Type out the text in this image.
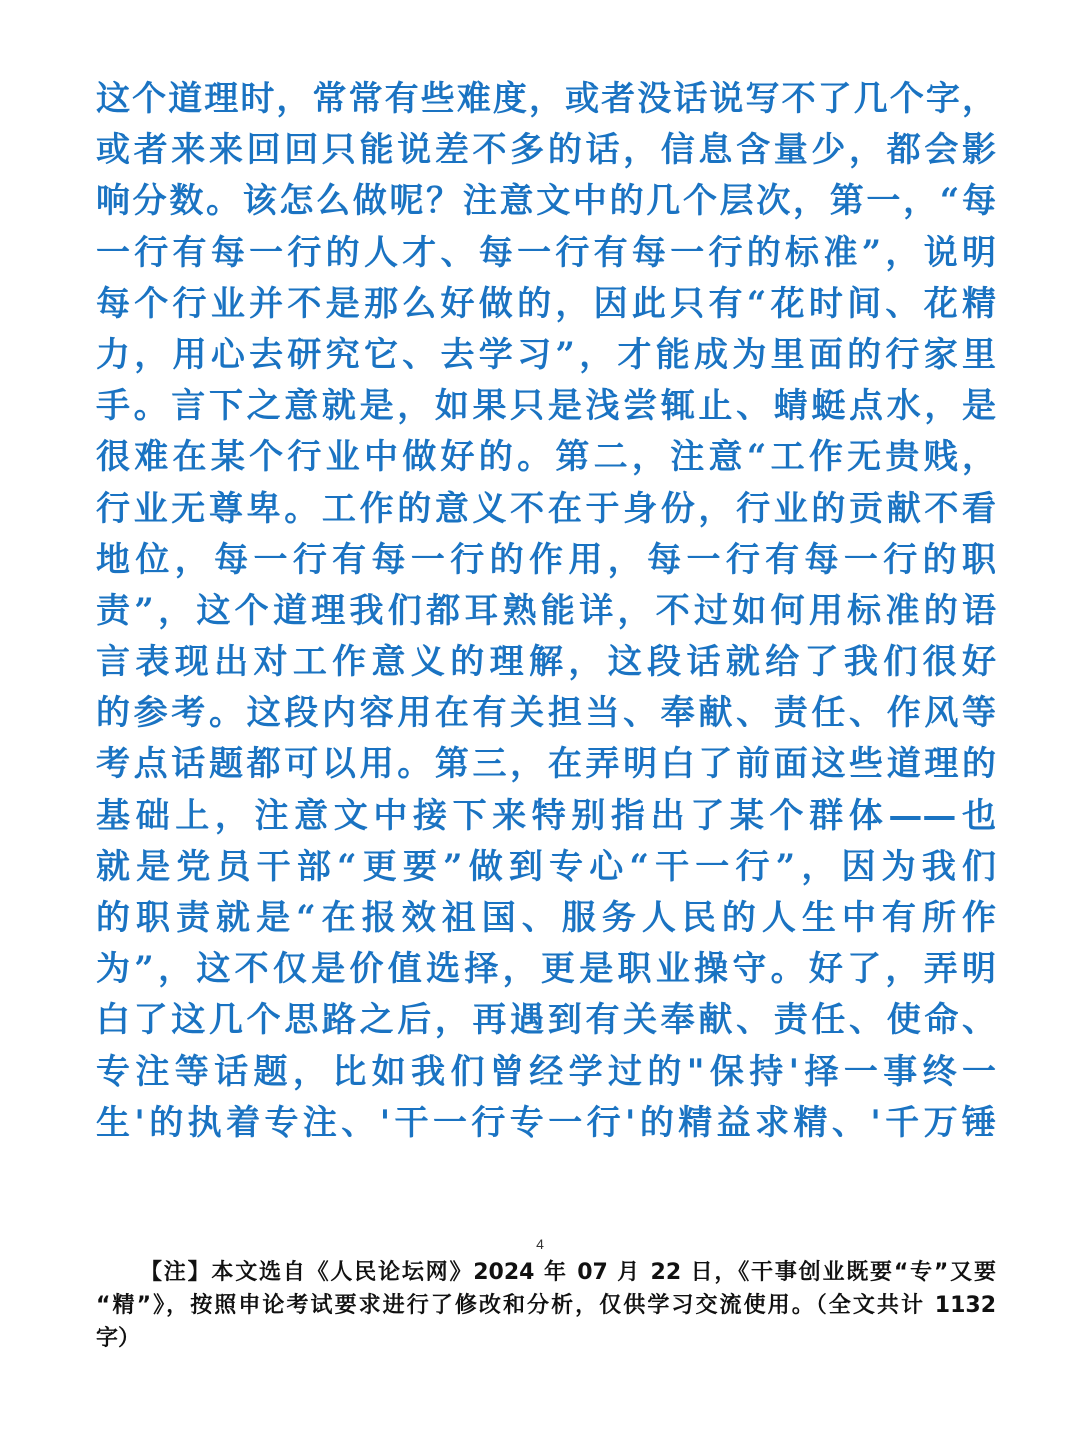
这个道理时，常常有些难度，或者没话说写不了几个字，
或者来来回回只能说差不多的话，信息含量少，都会影
响分数。该怎么做呢？注意文中的几个层次，第一，“每
一行有每一行的人才、每一行有每一行的标准”，说明
每个行业并不是那么好做的，因此只有“花时间、花精
力，用心去研究它、去学习”，才能成为里面的行家里
手。言下之意就是，如果只是浅尝辄止、蜻蜓点水，是
很难在某个行业中做好的。第二，注意“工作无贵贱，
行业无尊卑。工作的意义不在于身份，行业的贡献不看
地位，每一行有每一行的作用，每一行有每一行的职
责”，这个道理我们都耳熟能详，不过如何用标准的语
言表现出对工作意义的理解，这段话就给了我们很好
的参考。这段内容用在有关担当、奉献、责任、作风等
考点话题都可以用。第三，在弄明白了前面这些道理的
基础上，注意文中接下来特别指出了某个群体——也
就是党员干部“更要”做到专心“干一行”，因为我们
的职责就是“在报效祖国、服务人民的人生中有所作
为”，这不仅是价值选择，更是职业操守。好了，弄明
白了这几个思路之后，再遇到有关奉献、责任、使命、
专注等话题，比如我们曾经学过的"保持'择一事终一
生'的执着专注、'干一行专一行'的精益求精、'千万锤
4
【注】本文选自《人民论坛网》2024 年 07 月 22 日，《干事创业既要“专”又要
“精”》，按照申论考试要求进行了修改和分析，仅供学习交流使用。（全文共计 1132
字）
